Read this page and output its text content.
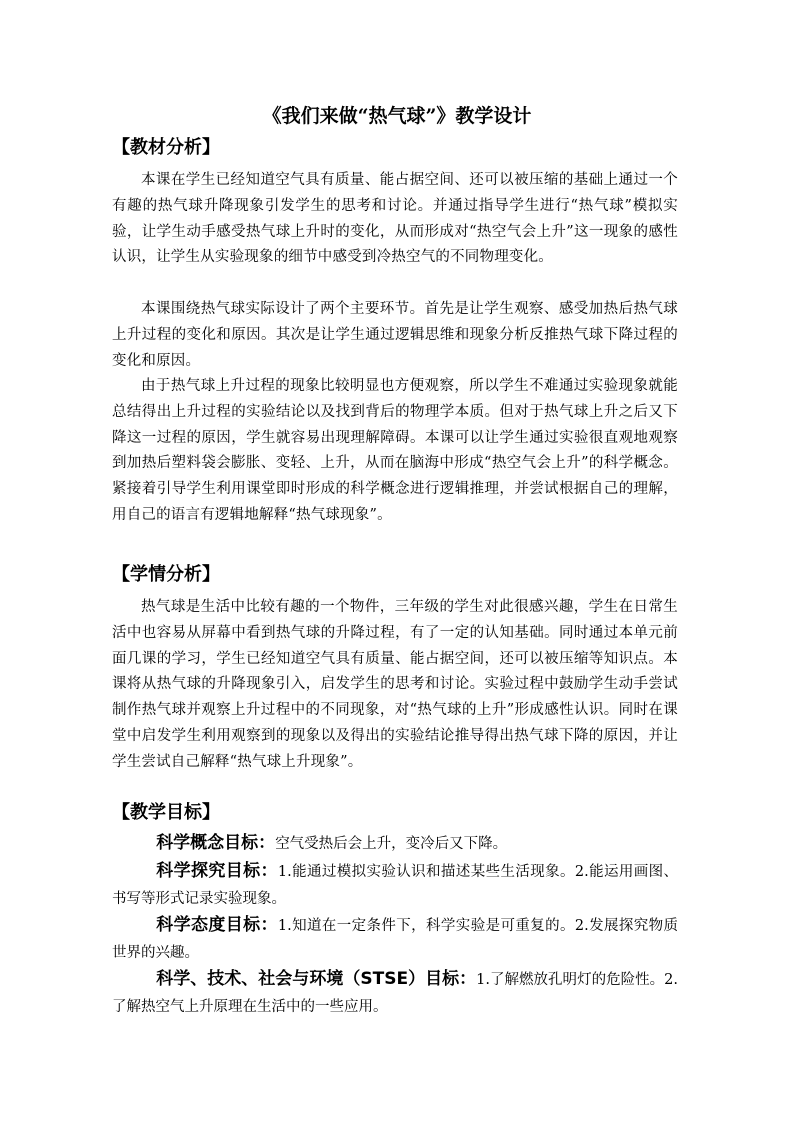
《我们来做“热气球”》教学设计
【教材分析】
本课在学生已经知道空气具有质量、能占据空间、还可以被压缩的基础上通过一个有趣的热气球升降现象引发学生的思考和讨论。并通过指导学生进行“热气球”模拟实验，让学生动手感受热气球上升时的变化，从而形成对“热空气会上升”这一现象的感性认识，让学生从实验现象的细节中感受到冷热空气的不同物理变化。
本课围绕热气球实际设计了两个主要环节。首先是让学生观察、感受加热后热气球上升过程的变化和原因。其次是让学生通过逻辑思维和现象分析反推热气球下降过程的变化和原因。
由于热气球上升过程的现象比较明显也方便观察，所以学生不难通过实验现象就能总结得出上升过程的实验结论以及找到背后的物理学本质。但对于热气球上升之后又下降这一过程的原因，学生就容易出现理解障碍。本课可以让学生通过实验很直观地观察到加热后塑料袋会膨胀、变轻、上升，从而在脑海中形成“热空气会上升”的科学概念。紧接着引导学生利用课堂即时形成的科学概念进行逻辑推理，并尝试根据自己的理解，用自己的语言有逻辑地解释“热气球现象”。
【学情分析】
热气球是生活中比较有趣的一个物件，三年级的学生对此很感兴趣，学生在日常生活中也容易从屏幕中看到热气球的升降过程，有了一定的认知基础。同时通过本单元前面几课的学习，学生已经知道空气具有质量、能占据空间，还可以被压缩等知识点。本课将从热气球的升降现象引入，启发学生的思考和讨论。实验过程中鼓励学生动手尝试制作热气球并观察上升过程中的不同现象，对“热气球的上升”形成感性认识。同时在课堂中启发学生利用观察到的现象以及得出的实验结论推导得出热气球下降的原因，并让学生尝试自己解释“热气球上升现象”。
【教学目标】
科学概念目标：空气受热后会上升，变冷后又下降。
科学探究目标：1.能通过模拟实验认识和描述某些生活现象。2.能运用画图、书写等形式记录实验现象。
科学态度目标：1.知道在一定条件下，科学实验是可重复的。2.发展探究物质世界的兴趣。
科学、技术、社会与环境（STSE）目标：1.了解燃放孔明灯的危险性。2.了解热空气上升原理在生活中的一些应用。
